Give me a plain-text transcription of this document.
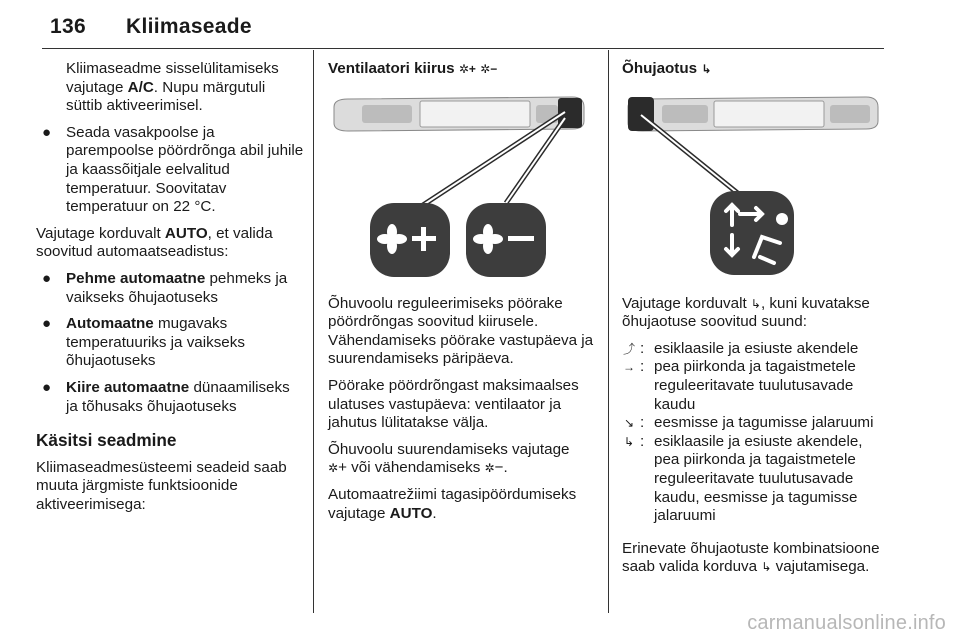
136 Kliimaseade

Kliimaseadme sisselülitamiseks vajutage A/C. Nupu märgutuli süttib aktiveerimisel.

● Seada vasakpoolse ja parempoolse pöördrõnga abil juhile ja kaassõitjale eelvalitud temperatuur. Soovitatav temperatuur on 22 °C.

Vajutage korduvalt AUTO, et valida soovitud automaatseadistus:

● Pehme automaatne pehmeks ja vaikseks õhujaotuseks
● Automaatne mugavaks temperatuuriks ja vaikseks õhujaotuseks
● Kiire automaatne dünaamiliseks ja tõhusaks õhujaotuseks
Käsitsi seadmine

Kliimaseadmesüsteemi seadeid saab muuta järgmiste funktsioonide aktiveerimisega:

Ventilaatori kiirus ✲+ ✲−

Õhuvoolu reguleerimiseks pöörake pöördrõngas soovitud kiirusele. Vähendamiseks pöörake vastupäeva ja suurendamiseks päripäeva.

Pöörake pöördrõngast maksimaalses ulatuses vastupäeva: ventilaator ja jahutus lülitatakse välja.

Õhuvoolu suurendamiseks vajutage
✲+ või vähendamiseks ✲−.

Automaatrežiimi tagasipöördumiseks vajutage AUTO.

Õhujaotus ↳

Vajutage korduvalt ↳, kuni kuvatakse õhujaotuse soovitud suund:

⤴ : esiklaasile ja esiuste akendele
→ : pea piirkonda ja tagaistmetele reguleeritavate tuulutusavade kaudu
↘ : eesmisse ja tagumisse jalaruumi
↳ : esiklaasile ja esiuste akendele, pea piirkonda ja tagaistmetele reguleeritavate tuulutusavade kaudu, eesmisse ja tagumisse jalaruumi

Erinevate õhujaotuste kombinatsioone saab valida korduva ↳ vajutamisega.

carmanualsonline.info
